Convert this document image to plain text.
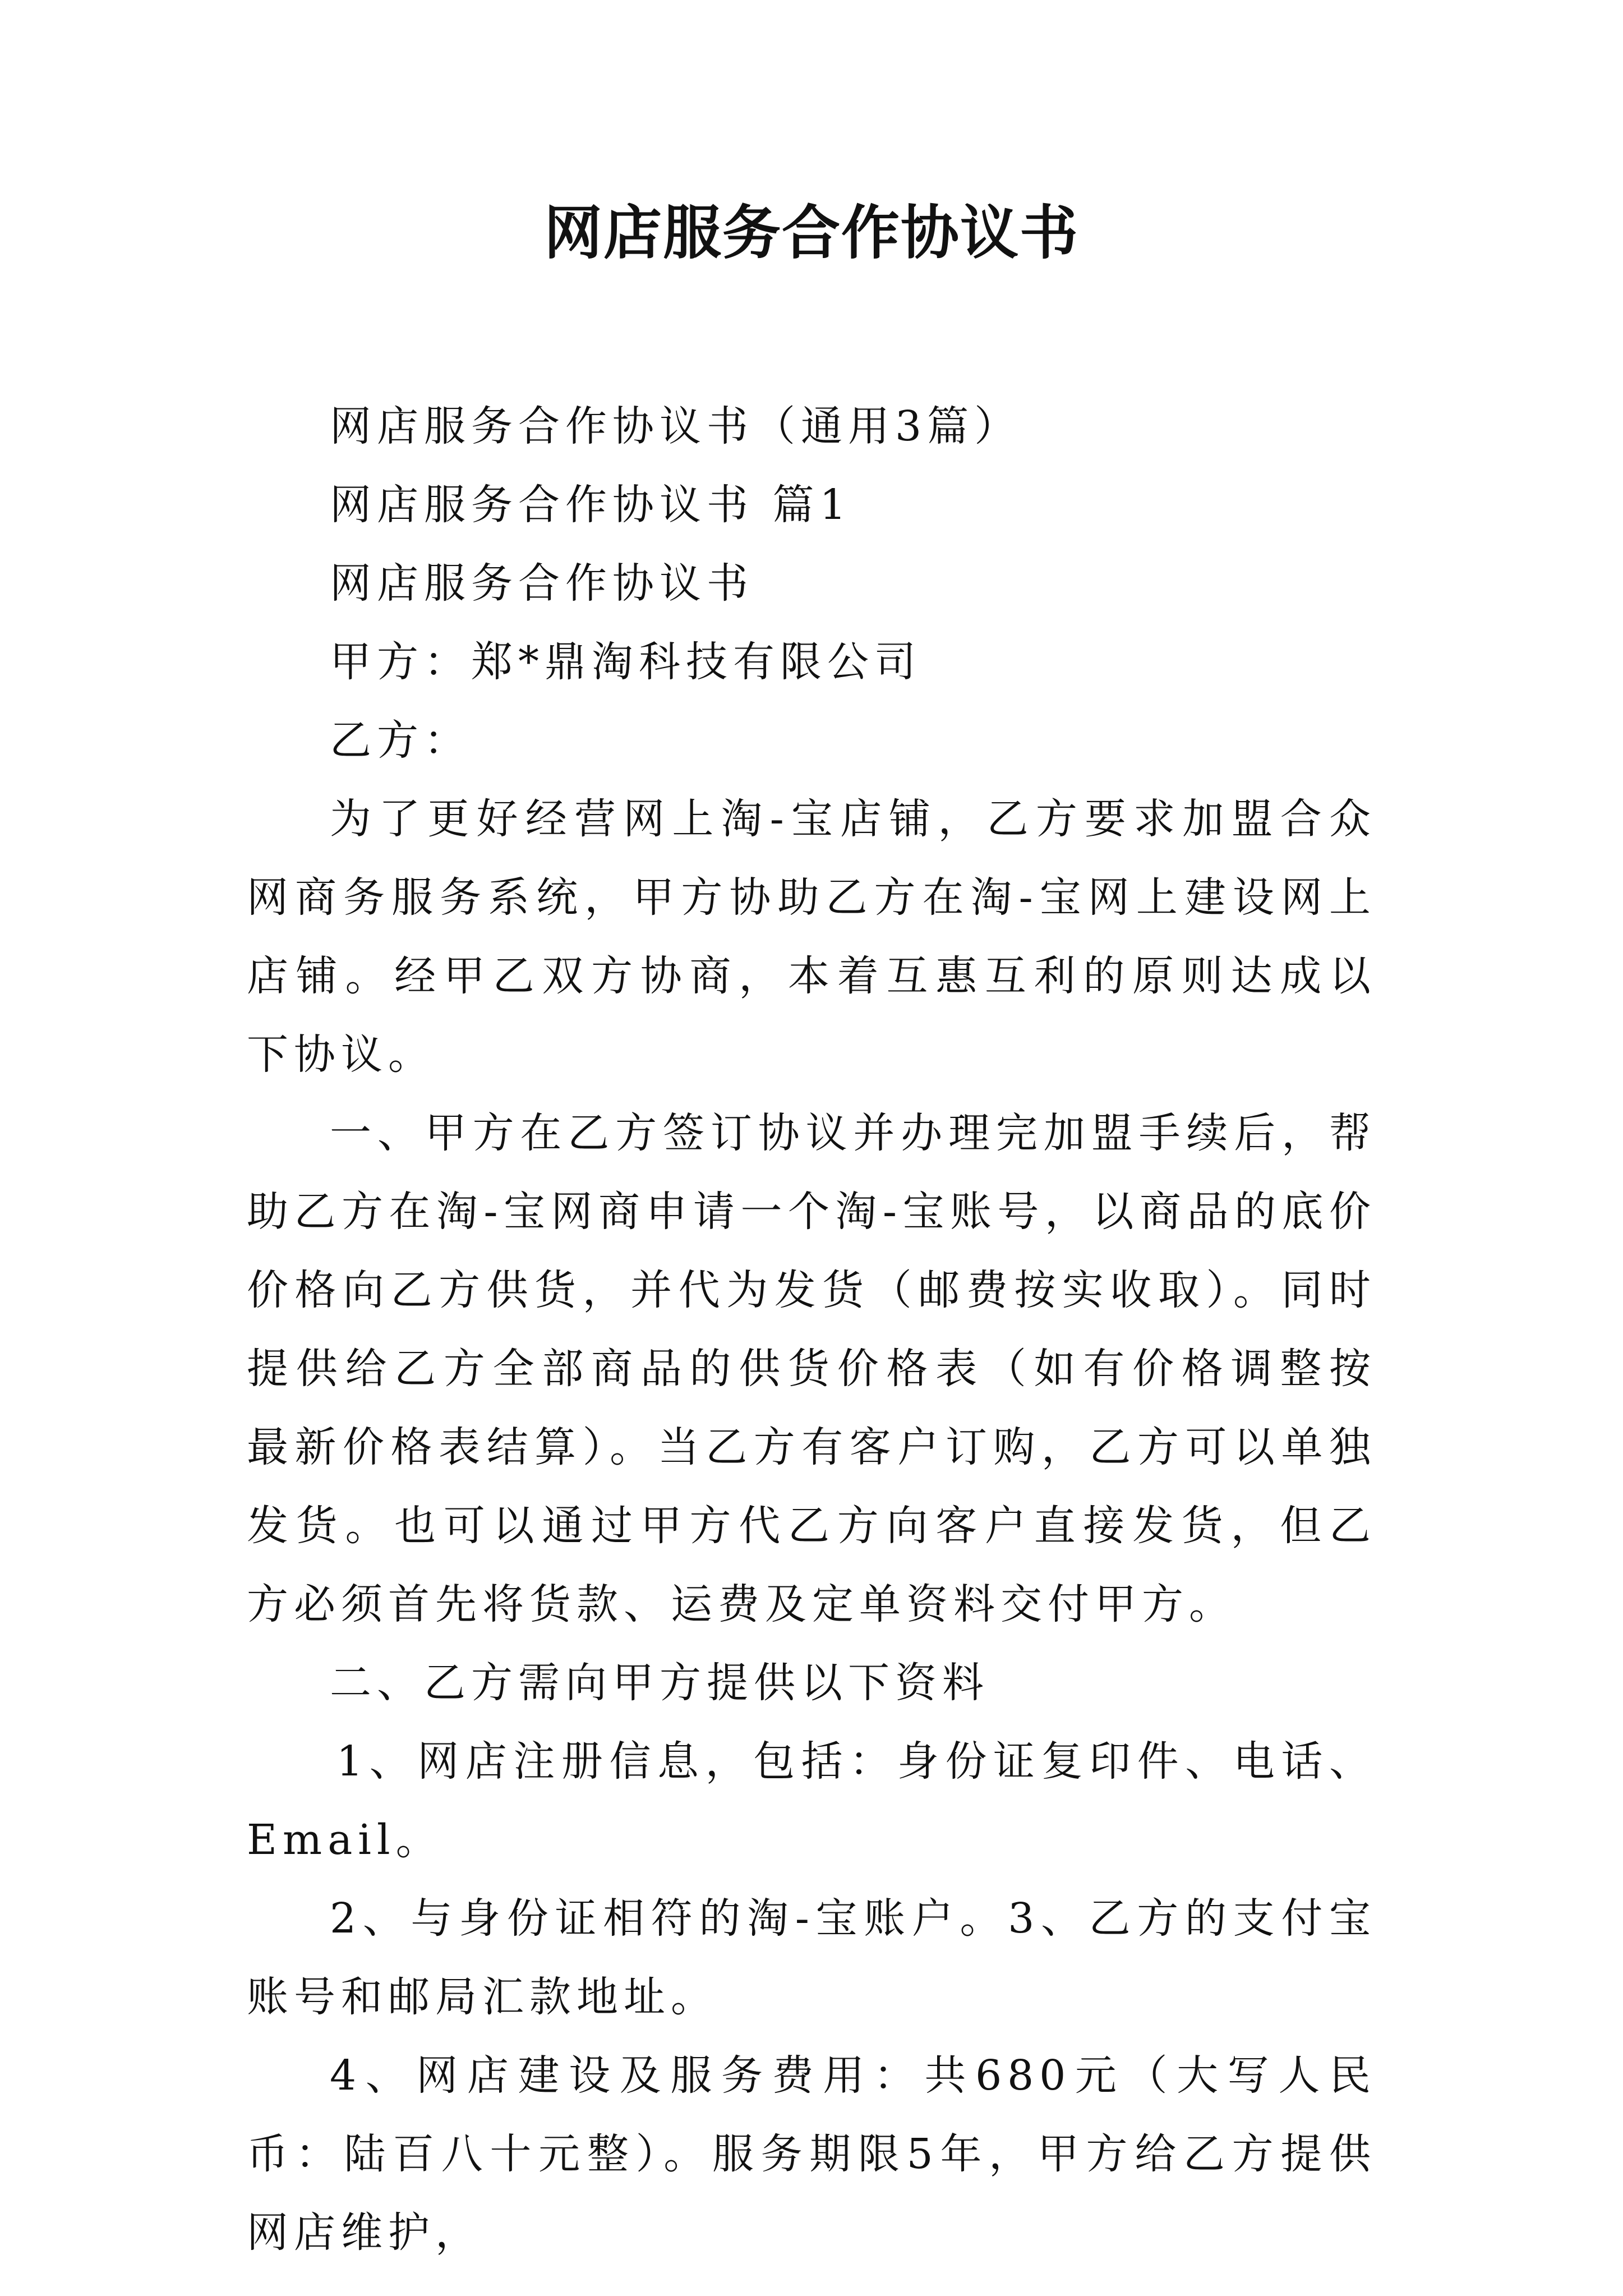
网店服务合作协议书

网店服务合作协议书（通用3篇）

网店服务合作协议书 篇1

网店服务合作协议书

甲方：郑*鼎淘科技有限公司

乙方：

为了更好经营网上淘-宝店铺，乙方要求加盟合众网商务服务系统，甲方协助乙方在淘-宝网上建设网上店铺。经甲乙双方协商，本着互惠互利的原则达成以下协议。

一、甲方在乙方签订协议并办理完加盟手续后，帮助乙方在淘-宝网商申请一个淘-宝账号，以商品的底价价格向乙方供货，并代为发货（邮费按实收取）。同时提供给乙方全部商品的供货价格表（如有价格调整按最新价格表结算）。当乙方有客户订购，乙方可以单独发货。也可以通过甲方代乙方向客户直接发货，但乙方必须首先将货款、运费及定单资料交付甲方。

二、乙方需向甲方提供以下资料

1、网店注册信息，包括：身份证复印件、电话、Email。

2、与身份证相符的淘-宝账户。3、乙方的支付宝账号和邮局汇款地址。

4、网店建设及服务费用：共680元（大写人民币：陆百八十元整）。服务期限5年，甲方给乙方提供网店维护，
